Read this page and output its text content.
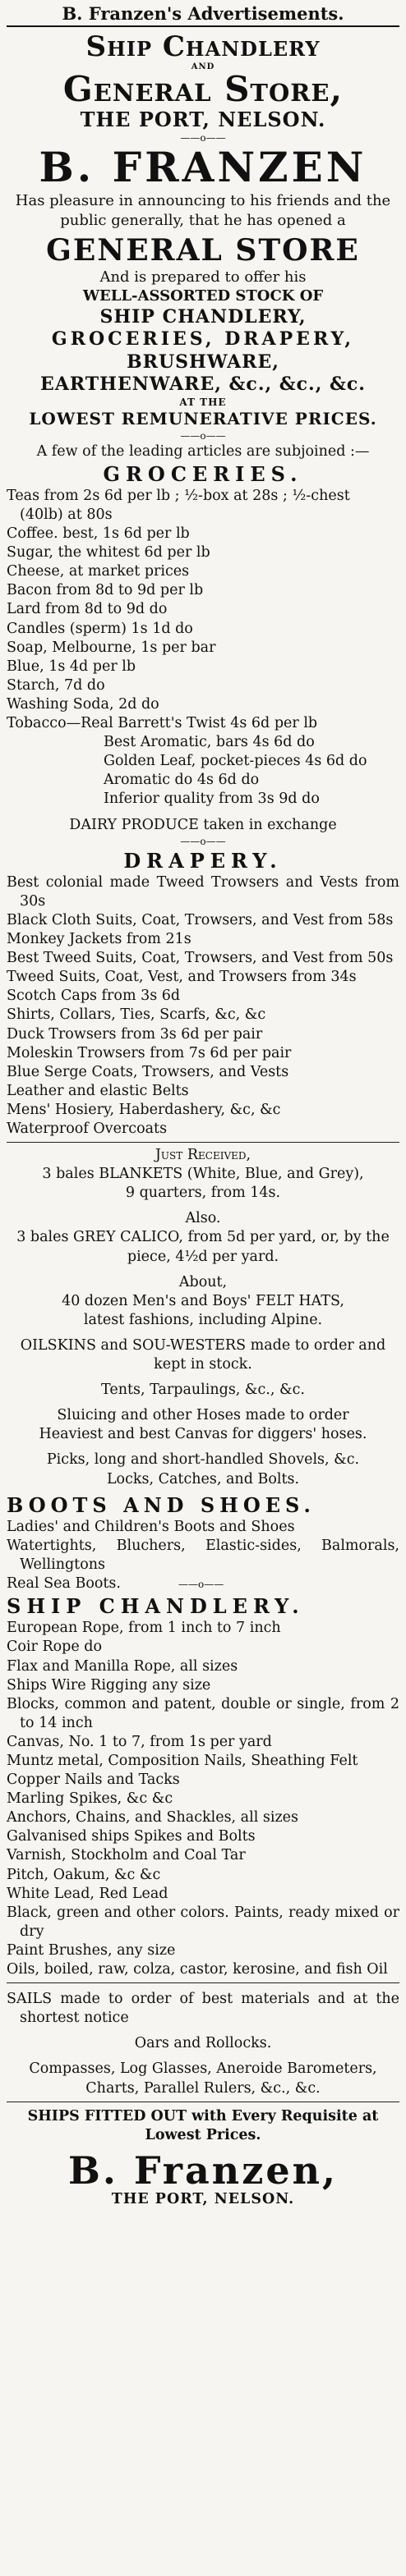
B. Franzen's Advertisements.
Ship Chandlery
AND
General Store,
THE PORT, NELSON.
——o——
B. FRANZEN

Has pleasure in announcing to his friends and the public generally, that he has opened a

GENERAL STORE
And is prepared to offer his
WELL-ASSORTED STOCK OF
SHIP CHANDLERY,
GROCERIES, DRAPERY,
BRUSHWARE,
EARTHENWARE, &c., &c., &c.
AT THE
LOWEST REMUNERATIVE PRICES.
——o——
A few of the leading articles are subjoined :—
GROCERIES.
Teas from 2s 6d per lb ; ½-box at 28s ; ½-chest
(40lb) at 80s
Coffee. best, 1s 6d per lb
Sugar, the whitest 6d per lb
Cheese, at market prices
Bacon from 8d to 9d per lb
Lard from 8d to 9d do
Candles (sperm) 1s 1d do
Soap, Melbourne, 1s per bar
Blue, 1s 4d per lb
Starch, 7d do
Washing Soda, 2d do
Tobacco—Real Barrett's Twist 4s 6d per lb
Best Aromatic, bars 4s 6d do
Golden Leaf, pocket-pieces 4s 6d do
Aromatic do 4s 6d do
Inferior quality from 3s 9d do
DAIRY PRODUCE taken in exchange
——o——
DRAPERY.
Best colonial made Tweed Trowsers and Vests from 30s
Black Cloth Suits, Coat, Trowsers, and Vest from 58s
Monkey Jackets from 21s
Best Tweed Suits, Coat, Trowsers, and Vest from 50s
Tweed Suits, Coat, Vest, and Trowsers from 34s
Scotch Caps from 3s 6d
Shirts, Collars, Ties, Scarfs, &c, &c
Duck Trowsers from 3s 6d per pair
Moleskin Trowsers from 7s 6d per pair
Blue Serge Coats, Trowsers, and Vests
Leather and elastic Belts
Mens' Hosiery, Haberdashery, &c, &c
Waterproof Overcoats
Just Received,
3 bales BLANKETS (White, Blue, and Grey),
9 quarters, from 14s.
Also.
3 bales GREY CALICO, from 5d per yard, or, by the piece, 4½d per yard.
About,
40 dozen Men's and Boys' FELT HATS,
latest fashions, including Alpine.
OILSKINS and SOU-WESTERS made to order and kept in stock.
Tents, Tarpaulings, &c., &c.
Sluicing and other Hoses made to order
Heaviest and best Canvas for diggers' hoses.
Picks, long and short-handled Shovels, &c.
Locks, Catches, and Bolts.
BOOTS AND SHOES.
Ladies' and Children's Boots and Shoes
Watertights, Bluchers, Elastic-sides, Balmorals, Wellingtons
Real Sea Boots.	——o——
SHIP CHANDLERY.
European Rope, from 1 inch to 7 inch
Coir Rope do
Flax and Manilla Rope, all sizes
Ships Wire Rigging any size
Blocks, common and patent, double or single, from 2 to 14 inch
Canvas, No. 1 to 7, from 1s per yard
Muntz metal, Composition Nails, Sheathing Felt
Copper Nails and Tacks
Marling Spikes, &c &c
Anchors, Chains, and Shackles, all sizes
Galvanised ships Spikes and Bolts
Varnish, Stockholm and Coal Tar
Pitch, Oakum, &c &c
White Lead, Red Lead
Black, green and other colors. Paints, ready mixed or dry
Paint Brushes, any size
Oils, boiled, raw, colza, castor, kerosine, and fish Oil
SAILS made to order of best materials and at the shortest notice
Oars and Rollocks.
Compasses, Log Glasses, Aneroide Barometers, Charts, Parallel Rulers, &c., &c.
SHIPS FITTED OUT with Every Requisite at Lowest Prices.
B. Franzen,
THE PORT, NELSON.
